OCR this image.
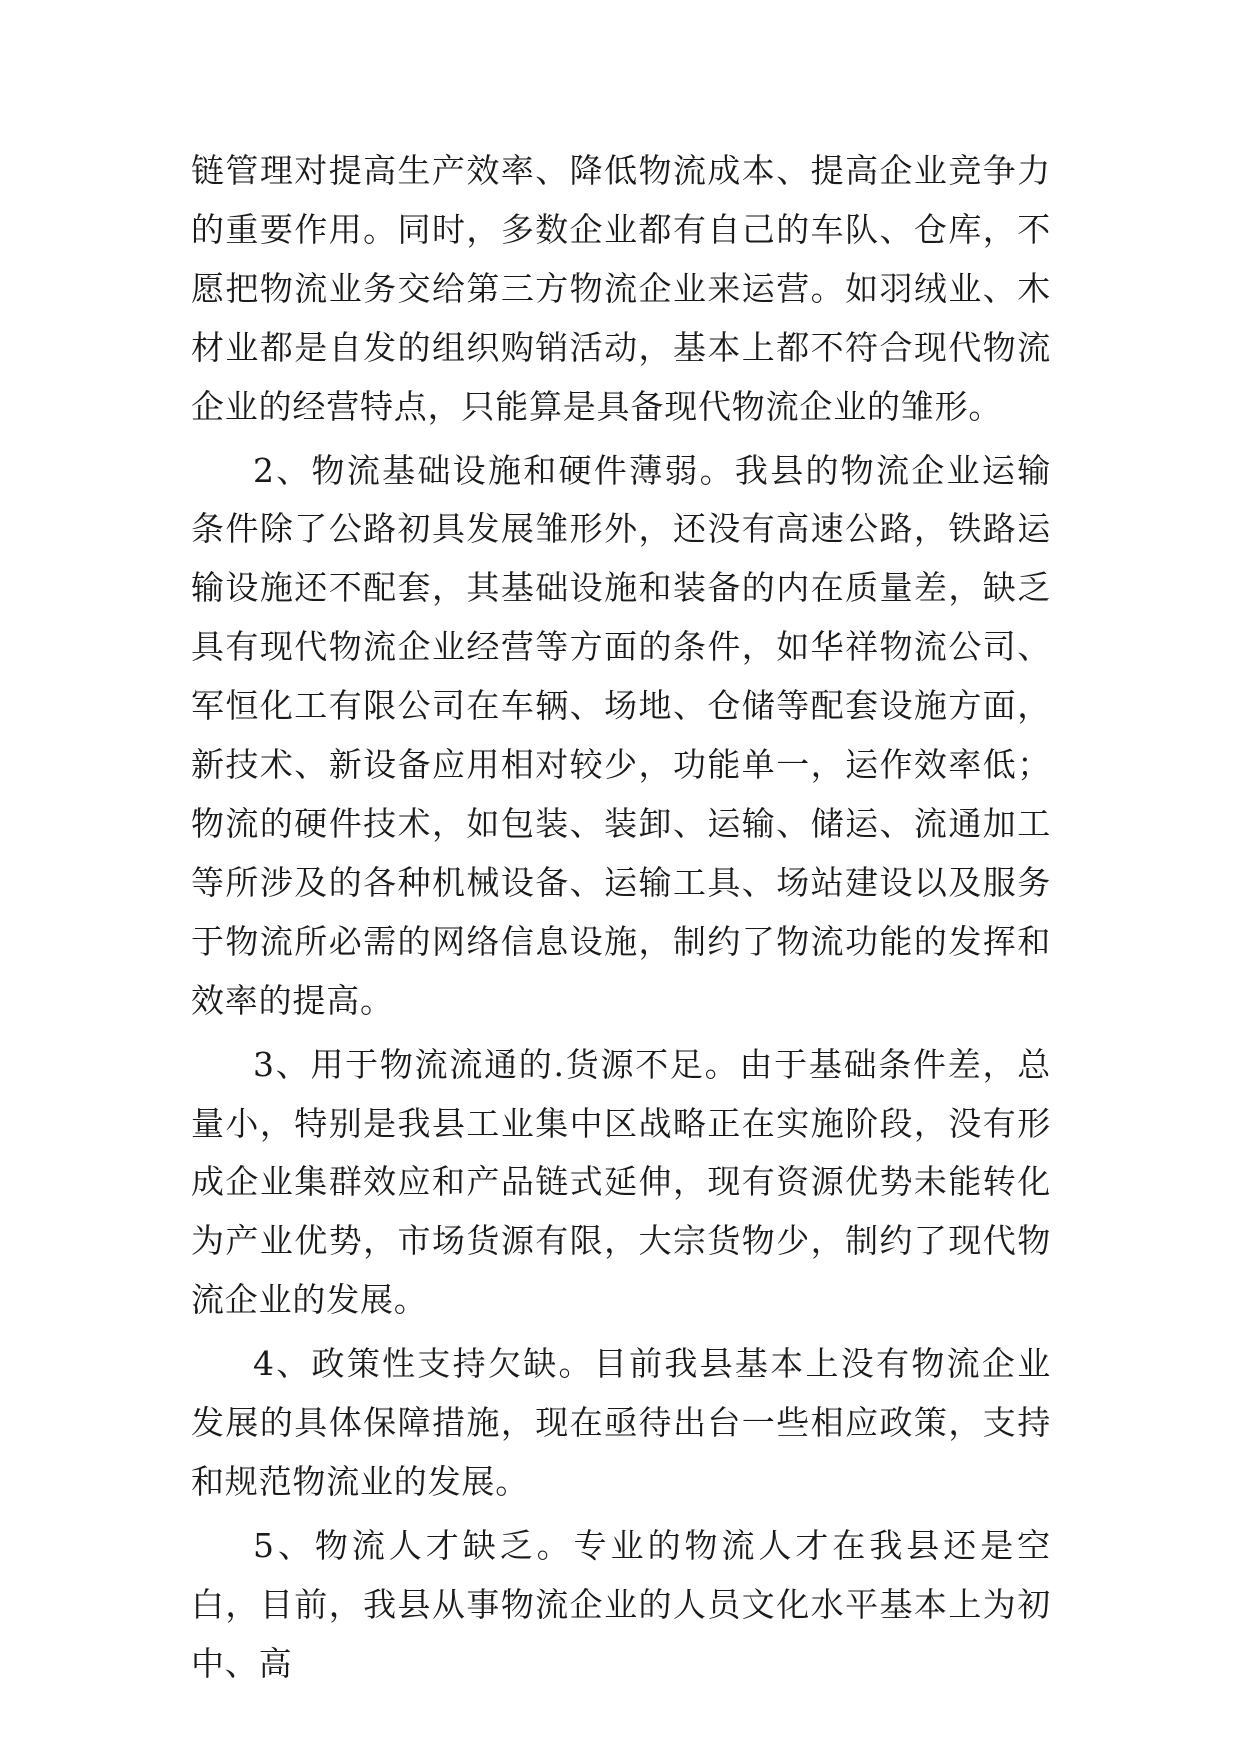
链管理对提高生产效率、降低物流成本、提高企业竞争力的重要作用。同时，多数企业都有自己的车队、仓库，不愿把物流业务交给第三方物流企业来运营。如羽绒业、木材业都是自发的组织购销活动，基本上都不符合现代物流企业的经营特点，只能算是具备现代物流企业的雏形。

2、物流基础设施和硬件薄弱。我县的物流企业运输条件除了公路初具发展雏形外，还没有高速公路，铁路运输设施还不配套，其基础设施和装备的内在质量差，缺乏具有现代物流企业经营等方面的条件，如华祥物流公司、军恒化工有限公司在车辆、场地、仓储等配套设施方面，新技术、新设备应用相对较少，功能单一，运作效率低；物流的硬件技术，如包装、装卸、运输、储运、流通加工等所涉及的各种机械设备、运输工具、场站建设以及服务于物流所必需的网络信息设施，制约了物流功能的发挥和效率的提高。

3、用于物流流通的.货源不足。由于基础条件差，总量小，特别是我县工业集中区战略正在实施阶段，没有形成企业集群效应和产品链式延伸，现有资源优势未能转化为产业优势，市场货源有限，大宗货物少，制约了现代物流企业的发展。

4、政策性支持欠缺。目前我县基本上没有物流企业发展的具体保障措施，现在亟待出台一些相应政策，支持和规范物流业的发展。

5、物流人才缺乏。专业的物流人才在我县还是空白，目前，我县从事物流企业的人员文化水平基本上为初中、高
